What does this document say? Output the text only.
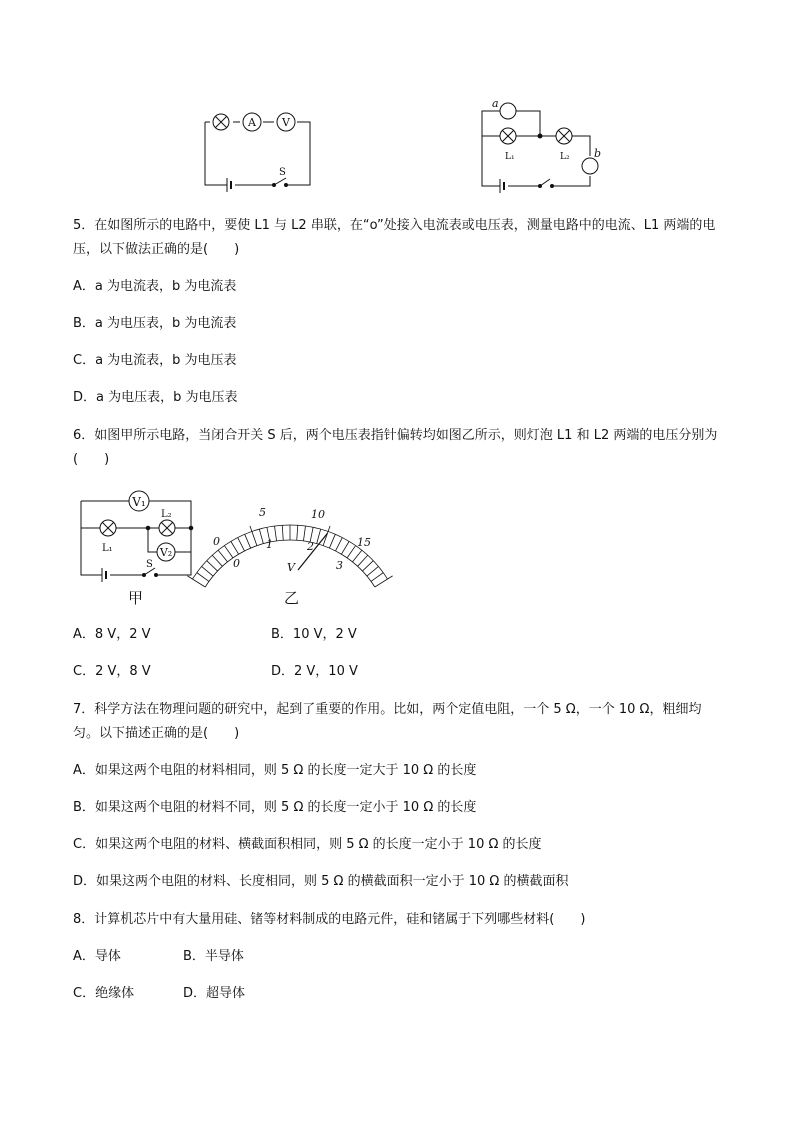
A V
S
a
L₁	L₂ b
5．在如图所示的电路中，要使 L1 与 L2 串联，在“o”处接入电流表或电压表，测量电路中的电流、L1 两端的电压，以下做法正确的是(　　)
A．a 为电流表，b 为电流表
B．a 为电压表，b 为电流表
C．a 为电流表，b 为电压表
D．a 为电压表，b 为电压表
6．如图甲所示电路，当闭合开关 S 后，两个电压表指针偏转均如图乙所示，则灯泡 L1 和 L2 两端的电压分别为(　　)
V₁
L₁
L₂
V₂
S
甲
0
5	10
15
0
1	2
3
V
乙
A．8 V，2 V	B．10 V，2 V
C．2 V，8 V	D．2 V，10 V
7．科学方法在物理问题的研究中，起到了重要的作用。比如，两个定值电阻，一个 5 Ω，一个 10 Ω，粗细均匀。以下描述正确的是(　　)
A．如果这两个电阻的材料相同，则 5 Ω 的长度一定大于 10 Ω 的长度
B．如果这两个电阻的材料不同，则 5 Ω 的长度一定小于 10 Ω 的长度
C．如果这两个电阻的材料、横截面积相同，则 5 Ω 的长度一定小于 10 Ω 的长度
D．如果这两个电阻的材料、长度相同，则 5 Ω 的横截面积一定小于 10 Ω 的横截面积
8．计算机芯片中有大量用硅、锗等材料制成的电路元件，硅和锗属于下列哪些材料(　　)
A．导体	B．半导体
C．绝缘体	D．超导体
